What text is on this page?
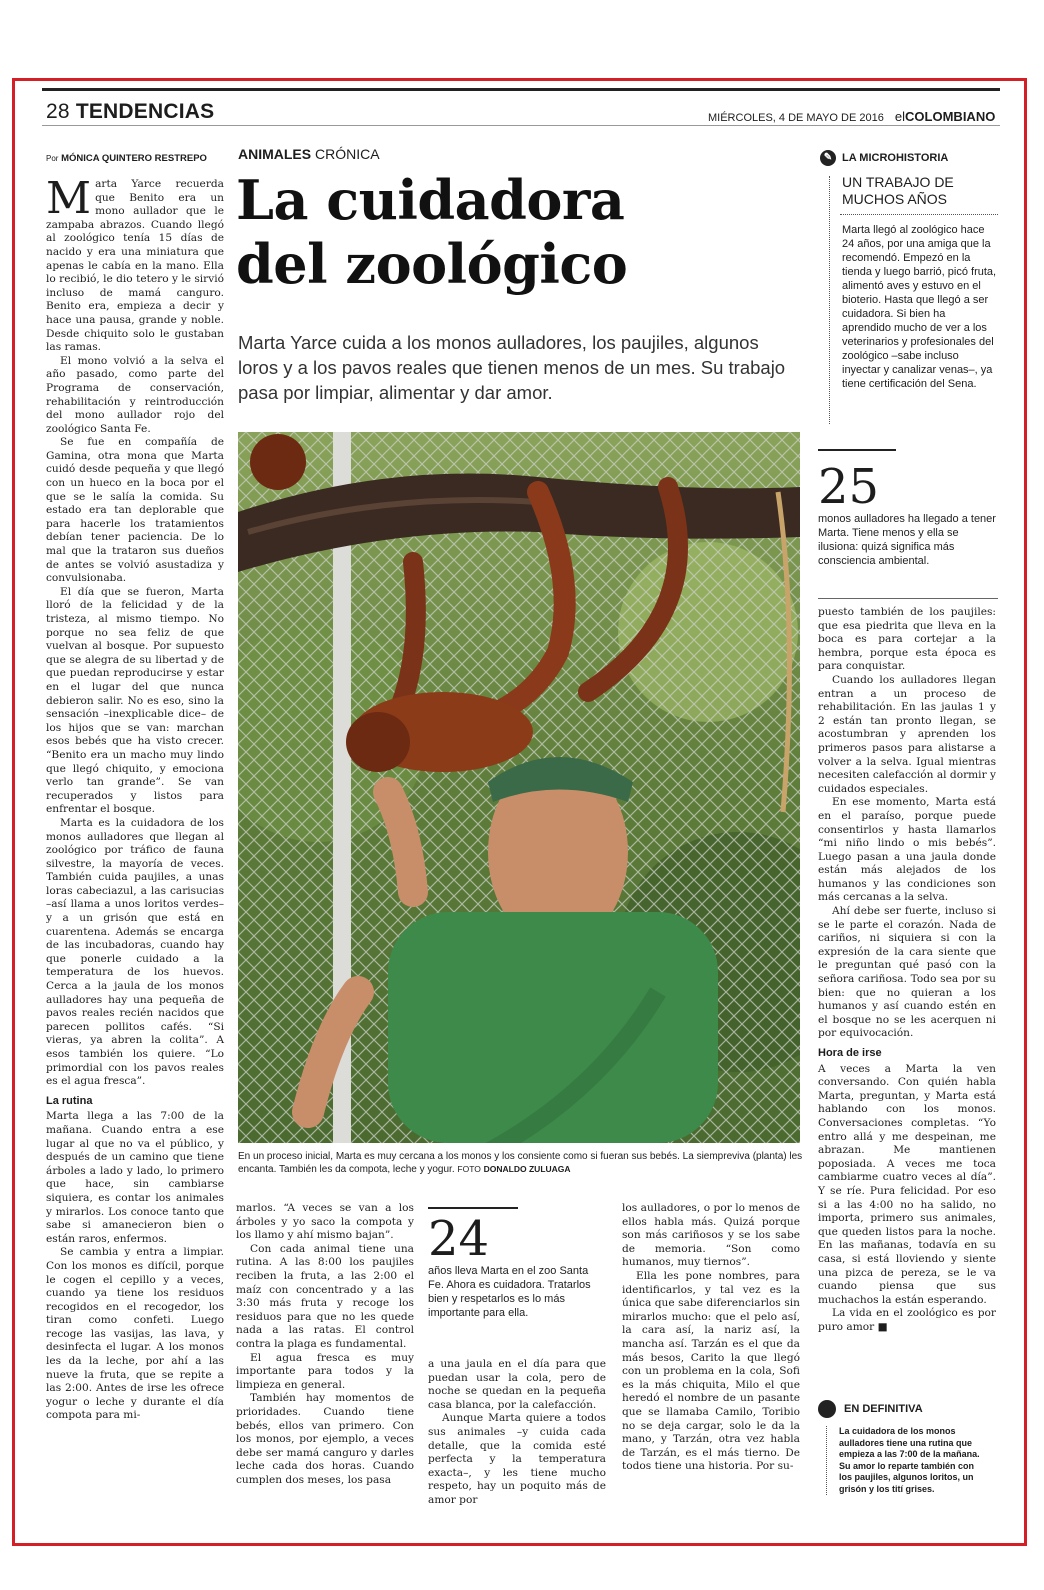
28 TENDENCIAS	MIÉRCOLES, 4 DE MAYO DE 2016 elCOLOMBIANO
Por MÓNICA QUINTERO RESTREPO ANIMALES CRÓNICA
La cuidadora
del zoológico
Marta Yarce cuida a los monos aulladores, los paujiles, algunos loros y a los pavos reales que tienen menos de un mes. Su trabajo pasa por limpiar, alimentar y dar amor.

Marta Yarce recuerda que Benito era un mono aullador que le zampaba abrazos. Cuando llegó al zoológico tenía 15 días de nacido y era una miniatura que apenas le cabía en la mano. Ella lo recibió, le dio tetero y le sirvió incluso de mamá canguro. Benito era, empieza a decir y hace una pausa, grande y noble. Desde chiquito solo le gustaban las ramas.

El mono volvió a la selva el año pasado, como parte del Programa de conservación, rehabilitación y reintroducción del mono aullador rojo del zoológico Santa Fe.

Se fue en compañía de Gamina, otra mona que Marta cuidó desde pequeña y que llegó con un hueco en la boca por el que se le salía la comida. Su estado era tan deplorable que para hacerle los tratamientos debían tener paciencia. De lo mal que la trataron sus dueños de antes se volvió asustadiza y convulsionaba.

El día que se fueron, Marta lloró de la felicidad y de la tristeza, al mismo tiempo. No porque no sea feliz de que vuelvan al bosque. Por supuesto que se alegra de su libertad y de que puedan reproducirse y estar en el lugar del que nunca debieron salir. No es eso, sino la sensación –inexplicable dice– de los hijos que se van: marchan esos bebés que ha visto crecer. “Benito era un macho muy lindo que llegó chiquito, y emociona verlo tan grande”. Se van recuperados y listos para enfrentar el bosque.

Marta es la cuidadora de los monos aulladores que llegan al zoológico por tráfico de fauna silvestre, la mayoría de veces. También cuida paujiles, a unas loras cabeciazul, a las carisucias –así llama a unos loritos verdes– y a un grisón que está en cuarentena. Además se encarga de las incubadoras, cuando hay que ponerle cuidado a la temperatura de los huevos. Cerca a la jaula de los monos aulladores hay una pequeña de pavos reales recién nacidos que parecen pollitos cafés. “Si vieras, ya abren la colita”. A esos también los quiere. “Lo primordial con los pavos reales es el agua fresca”.

La rutina

Marta llega a las 7:00 de la mañana. Cuando entra a ese lugar al que no va el público, y después de un camino que tiene árboles a lado y lado, lo primero que hace, sin cambiarse siquiera, es contar los animales y mirarlos. Los conoce tanto que sabe si amanecieron bien o están raros, enfermos.

Se cambia y entra a limpiar. Con los monos es difícil, porque le cogen el cepillo y a veces, cuando ya tiene los residuos recogidos en el recogedor, los tiran como confeti. Luego recoge las vasijas, las lava, y desinfecta el lugar. A los monos les da la leche, por ahí a las nueve la fruta, que se repite a las 2:00. Antes de irse les ofrece yogur o leche y durante el día compota para mi-

En un proceso inicial, Marta es muy cercana a los monos y los consiente como si fueran sus bebés. La siempreviva (planta) les encanta. También les da compota, leche y yogur. FOTO DONALDO ZULUAGA

marlos. “A veces se van a los árboles y yo saco la compota y los llamo y ahí mismo bajan”.

Con cada animal tiene una rutina. A las 8:00 los paujiles reciben la fruta, a las 2:00 el maíz con concentrado y a las 3:30 más fruta y recoge los residuos para que no les quede nada a las ratas. El control contra la plaga es fundamental.

El agua fresca es muy importante para todos y la limpieza en general.

También hay momentos de prioridades. Cuando tiene bebés, ellos van primero. Con los monos, por ejemplo, a veces debe ser mamá canguro y darles leche cada dos horas. Cuando cumplen dos meses, los pasa

24
años lleva Marta en el zoo Santa Fe. Ahora es cuidadora. Tratarlos bien y respetarlos es lo más importante para ella.

a una jaula en el día para que puedan usar la cola, pero de noche se quedan en la pequeña casa blanca, por la calefacción.

Aunque Marta quiere a todos sus animales –y cuida cada detalle, que la comida esté perfecta y la temperatura exacta–, y les tiene mucho respeto, hay un poquito más de amor por

los aulladores, o por lo menos de ellos habla más. Quizá porque son más cariñosos y se los sabe de memoria. “Son como humanos, muy tiernos”.

Ella les pone nombres, para identificarlos, y tal vez es la única que sabe diferenciarlos sin mirarlos mucho: que el pelo así, la cara así, la nariz así, la mancha así. Tarzán es el que da más besos, Carito la que llegó con un problema en la cola, Sofi es la más chiquita, Milo el que heredó el nombre de un pasante que se llamaba Camilo, Toribio no se deja cargar, solo le da la mano, y Tarzán, otra vez habla de Tarzán, es el más tierno. De todos tiene una historia. Por su-

✎ LA MICROHISTORIA
UN TRABAJO DE MUCHOS AÑOS
Marta llegó al zoológico hace 24 años, por una amiga que la recomendó. Empezó en la tienda y luego barrió, picó fruta, alimentó aves y estuvo en el bioterio. Hasta que llegó a ser cuidadora. Si bien ha aprendido mucho de ver a los veterinarios y profesionales del zoológico –sabe incluso inyectar y canalizar venas–, ya tiene certificación del Sena.
25
monos aulladores ha llegado a tener Marta. Tiene menos y ella se ilusiona: quizá significa más consciencia ambiental.

puesto también de los paujiles: que esa piedrita que lleva en la boca es para cortejar a la hembra, porque esta época es para conquistar.

Cuando los aulladores llegan entran a un proceso de rehabilitación. En las jaulas 1 y 2 están tan pronto llegan, se acostumbran y aprenden los primeros pasos para alistarse a volver a la selva. Igual mientras necesiten calefacción al dormir y cuidados especiales.

En ese momento, Marta está en el paraíso, porque puede consentirlos y hasta llamarlos “mi niño lindo o mis bebés”. Luego pasan a una jaula donde están más alejados de los humanos y las condiciones son más cercanas a la selva.

Ahí debe ser fuerte, incluso si se le parte el corazón. Nada de cariños, ni siquiera si con la expresión de la cara siente que le preguntan qué pasó con la señora cariñosa. Todo sea por su bien: que no quieran a los humanos y así cuando estén en el bosque no se les acerquen ni por equivocación.

Hora de irse

A veces a Marta la ven conversando. Con quién habla Marta, preguntan, y Marta está hablando con los monos. Conversaciones completas. “Yo entro allá y me despeinan, me abrazan. Me mantienen poposiada. A veces me toca cambiarme cuatro veces al día”. Y se ríe. Pura felicidad. Por eso si a las 4:00 no ha salido, no importa, primero sus animales, que queden listos para la noche. En las mañanas, todavía en su casa, si está lloviendo y siente una pizca de pereza, se le va cuando piensa que sus muchachos la están esperando.

La vida en el zoológico es por puro amor ■

EN DEFINITIVA
La cuidadora de los monos aulladores tiene una rutina que empieza a las 7:00 de la mañana. Su amor lo reparte también con los paujiles, algunos loritos, un grisón y los tití grises.
